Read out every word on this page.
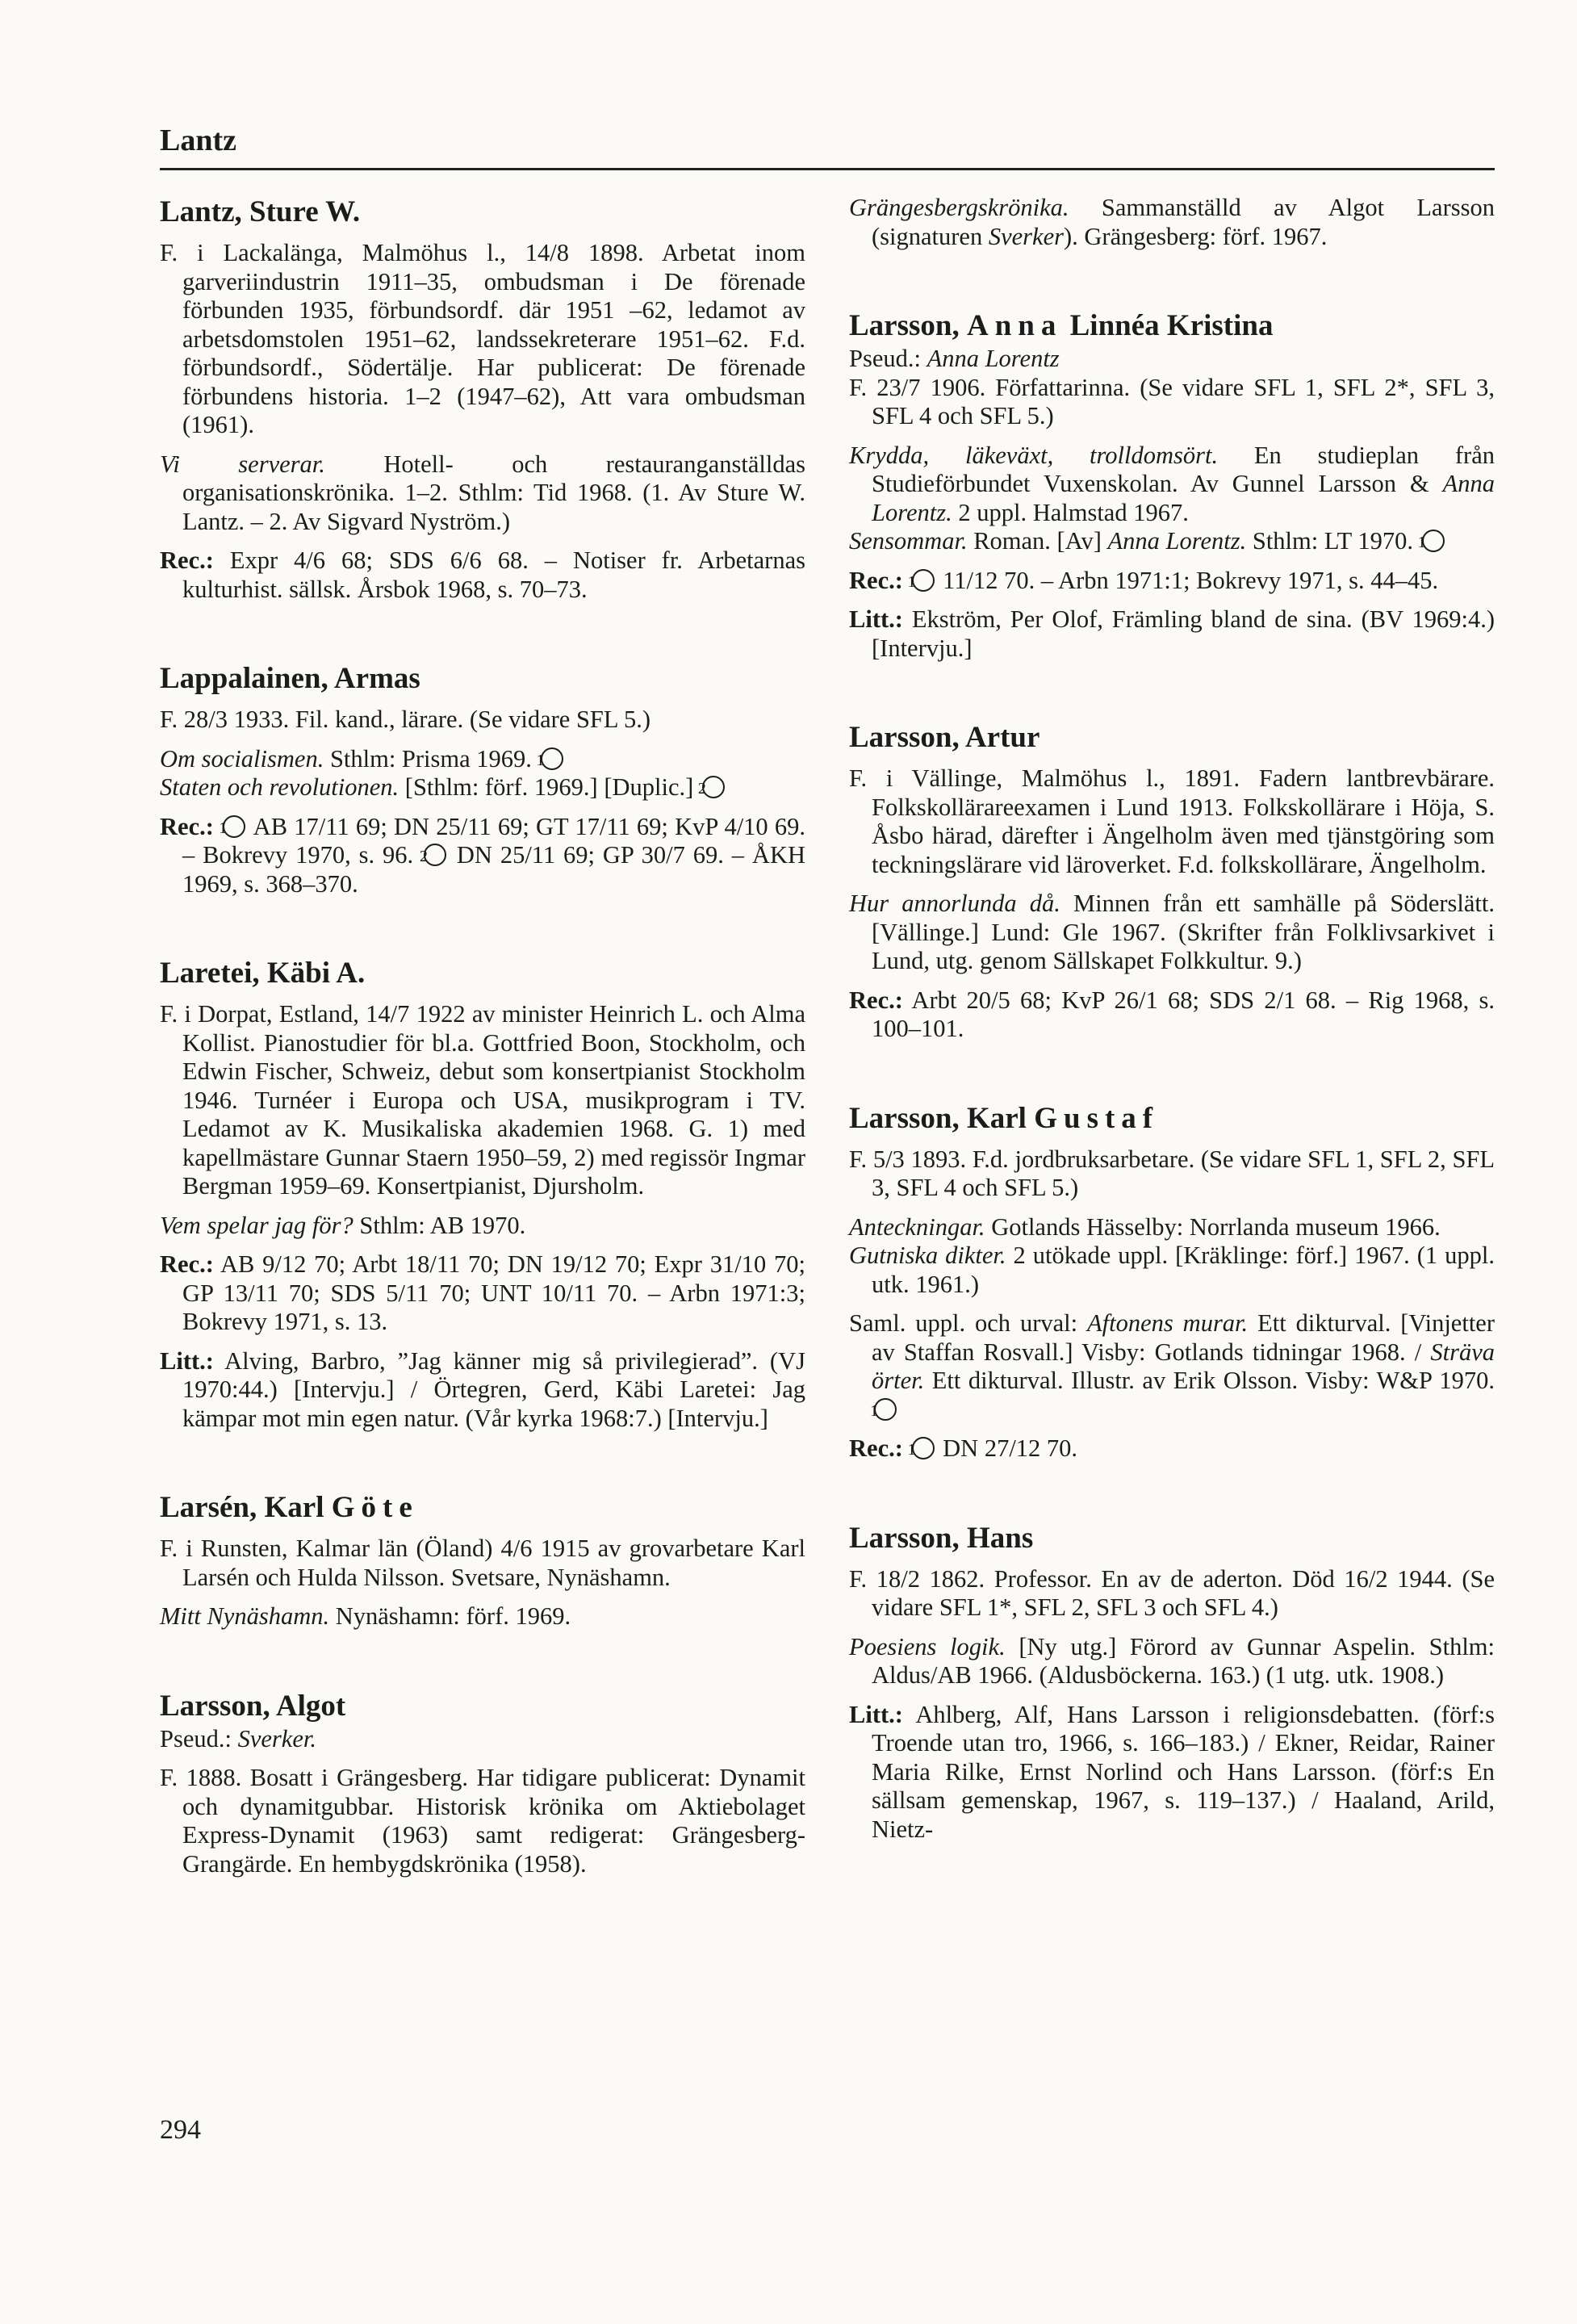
Lantz
Lantz, Sture W.
F. i Lackalänga, Malmöhus l., 14/8 1898. Arbetat inom garveriindustrin 1911–35, ombudsman i De förenade förbunden 1935, förbundsordf. där 1951 –62, ledamot av arbetsdomstolen 1951–62, landssekreterare 1951–62. F.d. förbundsordf., Södertälje. Har publicerat: De förenade förbundens historia. 1–2 (1947–62), Att vara ombudsman (1961).
Vi serverar. Hotell- och restauranganställdas organisationskrönika. 1–2. Sthlm: Tid 1968. (1. Av Sture W. Lantz. – 2. Av Sigvard Nyström.)
Rec.: Expr 4/6 68; SDS 6/6 68. – Notiser fr. Arbetarnas kulturhist. sällsk. Årsbok 1968, s. 70–73.
Lappalainen, Armas
F. 28/3 1933. Fil. kand., lärare. (Se vidare SFL 5.)
Om socialismen. Sthlm: Prisma 1969. 1
Staten och revolutionen. [Sthlm: förf. 1969.] [Duplic.] 2
Rec.: 1 AB 17/11 69; DN 25/11 69; GT 17/11 69; KvP 4/10 69. – Bokrevy 1970, s. 96. 2 DN 25/11 69; GP 30/7 69. – ÅKH 1969, s. 368–370.
Laretei, Käbi A.
F. i Dorpat, Estland, 14/7 1922 av minister Heinrich L. och Alma Kollist. Pianostudier för bl.a. Gottfried Boon, Stockholm, och Edwin Fischer, Schweiz, debut som konsertpianist Stockholm 1946. Turnéer i Europa och USA, musikprogram i TV. Ledamot av K. Musikaliska akademien 1968. G. 1) med kapellmästare Gunnar Staern 1950–59, 2) med regissör Ingmar Bergman 1959–69. Konsertpianist, Djursholm.
Vem spelar jag för? Sthlm: AB 1970.
Rec.: AB 9/12 70; Arbt 18/11 70; DN 19/12 70; Expr 31/10 70; GP 13/11 70; SDS 5/11 70; UNT 10/11 70. – Arbn 1971:3; Bokrevy 1971, s. 13.
Litt.: Alving, Barbro, ”Jag känner mig så privilegierad”. (VJ 1970:44.) [Intervju.] / Örtegren, Gerd, Käbi Laretei: Jag kämpar mot min egen natur. (Vår kyrka 1968:7.) [Intervju.]
Larsén, Karl Göte
F. i Runsten, Kalmar län (Öland) 4/6 1915 av grovarbetare Karl Larsén och Hulda Nilsson. Svetsare, Nynäshamn.
Mitt Nynäshamn. Nynäshamn: förf. 1969.
Larsson, Algot
Pseud.: Sverker.
F. 1888. Bosatt i Grängesberg. Har tidigare publicerat: Dynamit och dynamitgubbar. Historisk krönika om Aktiebolaget Express-Dynamit (1963) samt redigerat: Grängesberg-Grangärde. En hembygdskrönika (1958).
Grängesbergskrönika. Sammanställd av Algot Larsson (signaturen Sverker). Grängesberg: förf. 1967.
Larsson, Anna Linnéa Kristina
Pseud.: Anna Lorentz
F. 23/7 1906. Författarinna. (Se vidare SFL 1, SFL 2*, SFL 3, SFL 4 och SFL 5.)
Krydda, läkeväxt, trolldomsört. En studieplan från Studieförbundet Vuxenskolan. Av Gunnel Larsson & Anna Lorentz. 2 uppl. Halmstad 1967.
Sensommar. Roman. [Av] Anna Lorentz. Sthlm: LT 1970. 1
Rec.: 1 11/12 70. – Arbn 1971:1; Bokrevy 1971, s. 44–45.
Litt.: Ekström, Per Olof, Främling bland de sina. (BV 1969:4.) [Intervju.]
Larsson, Artur
F. i Vällinge, Malmöhus l., 1891. Fadern lantbrevbärare. Folkskollärareexamen i Lund 1913. Folkskollärare i Höja, S. Åsbo härad, därefter i Ängelholm även med tjänstgöring som teckningslärare vid läroverket. F.d. folkskollärare, Ängelholm.
Hur annorlunda då. Minnen från ett samhälle på Söderslätt. [Vällinge.] Lund: Gle 1967. (Skrifter från Folklivsarkivet i Lund, utg. genom Sällskapet Folkkultur. 9.)
Rec.: Arbt 20/5 68; KvP 26/1 68; SDS 2/1 68. – Rig 1968, s. 100–101.
Larsson, Karl Gustaf
F. 5/3 1893. F.d. jordbruksarbetare. (Se vidare SFL 1, SFL 2, SFL 3, SFL 4 och SFL 5.)
Anteckningar. Gotlands Hässelby: Norrlanda museum 1966.
Gutniska dikter. 2 utökade uppl. [Kräklinge: förf.] 1967. (1 uppl. utk. 1961.)
Saml. uppl. och urval: Aftonens murar. Ett dikturval. [Vinjetter av Staffan Rosvall.] Visby: Gotlands tidningar 1968. / Sträva örter. Ett dikturval. Illustr. av Erik Olsson. Visby: W&P 1970. 1
Rec.: 1 DN 27/12 70.
Larsson, Hans
F. 18/2 1862. Professor. En av de aderton. Död 16/2 1944. (Se vidare SFL 1*, SFL 2, SFL 3 och SFL 4.)
Poesiens logik. [Ny utg.] Förord av Gunnar Aspelin. Sthlm: Aldus/AB 1966. (Aldusböckerna. 163.) (1 utg. utk. 1908.)
Litt.: Ahlberg, Alf, Hans Larsson i religionsdebatten. (förf:s Troende utan tro, 1966, s. 166–183.) / Ekner, Reidar, Rainer Maria Rilke, Ernst Norlind och Hans Larsson. (förf:s En sällsam gemenskap, 1967, s. 119–137.) / Haaland, Arild, Nietz-
294
